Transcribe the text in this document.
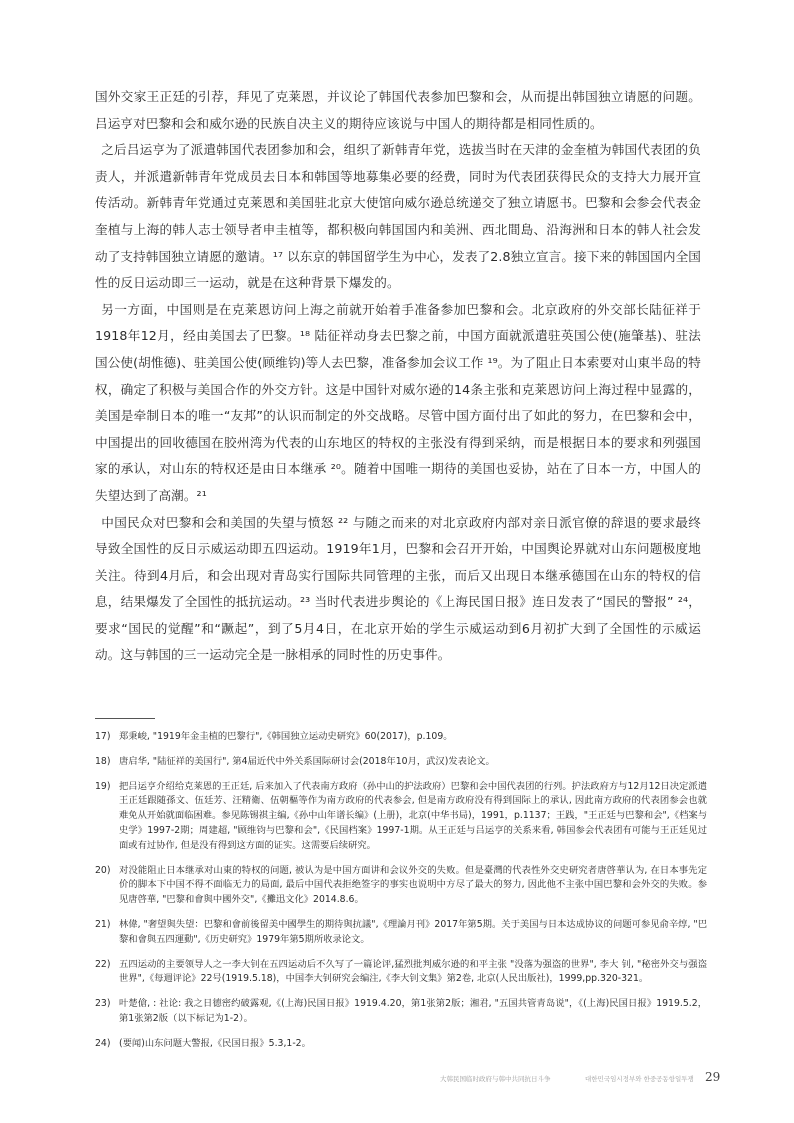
国外交家王正廷的引荐，拜见了克莱恩，并议论了韩国代表参加巴黎和会，从而提出韩国独立请愿的问题。吕运亨对巴黎和会和威尔逊的民族自决主义的期待应该说与中国人的期待都是相同性质的。

之后吕运亨为了派遣韩国代表团参加和会，组织了新韩青年党，选拔当时在天津的金奎植为韩国代表团的负责人，并派遣新韩青年党成员去日本和韩国等地募集必要的经费，同时为代表团获得民众的支持大力展开宣传活动。新韩青年党通过克莱恩和美国驻北京大使馆向威尔逊总统递交了独立请愿书。巴黎和会参会代表金奎植与上海的韩人志士领导者申圭植等，都积极向韩国国内和美洲、西北間島、沿海洲和日本的韩人社会发动了支持韩国独立请愿的邀请。¹⁷ 以东京的韩国留学生为中心，发表了2.8独立宣言。接下来的韩国国内全国性的反日运动即三一运动，就是在这种背景下爆发的。

另一方面，中国则是在克莱恩访问上海之前就开始着手准备参加巴黎和会。北京政府的外交部长陆征祥于1918年12月，经由美国去了巴黎。¹⁸ 陆征祥动身去巴黎之前，中国方面就派遣驻英国公使(施肇基)、驻法国公使(胡惟德)、驻美国公使(顾维钧)等人去巴黎，准备参加会议工作 ¹⁹。为了阻止日本索要对山東半岛的特权，确定了积极与美国合作的外交方针。这是中国针对威尔逊的14条主张和克莱恩访问上海过程中显露的，美国是牵制日本的唯一“友邦”的认识而制定的外交战略。尽管中国方面付出了如此的努力，在巴黎和会中，中国提出的回收德国在胶州湾为代表的山东地区的特权的主张没有得到采纳，而是根据日本的要求和列强国家的承认，对山东的特权还是由日本继承 ²⁰。随着中国唯一期待的美国也妥协，站在了日本一方，中国人的失望达到了高潮。²¹

中国民众对巴黎和会和美国的失望与愤怒 ²² 与随之而来的对北京政府内部对亲日派官僚的辞退的要求最终导致全国性的反日示威运动即五四运动。1919年1月，巴黎和会召开开始，中国舆论界就对山东问题极度地关注。待到4月后，和会出现对青岛实行国际共同管理的主张，而后又出现日本继承德国在山东的特权的信息，结果爆发了全国性的抵抗运动。²³ 当时代表进步舆论的《上海民国日报》连日发表了“国民的警报” ²⁴，要求“国民的觉醒”和“蹶起”，到了5月4日，在北京开始的学生示威运动到6月初扩大到了全国性的示威运动。这与韩国的三一运动完全是一脉相承的同时性的历史事件。

17) 郑秉峻, "1919年金圭植的巴黎行",《韩国独立运动史研究》60(2017)，p.109。
18) 唐启华, "陆征祥的美国行", 第4届近代中外关系国际研讨会(2018年10月，武汉)发表论文。
19) 把吕运亨介绍给克莱恩的王正廷, 后来加入了代表南方政府（孙中山的护法政府）巴黎和会中国代表团的行列。护法政府方与12月12日决定派遣王正廷跟随孫文、伍廷芳、汪精衛、伍朝樞等作为南方政府的代表参会, 但是南方政府没有得到国际上的承认, 因此南方政府的代表团参会也就难免从开始就面临困难。参见陈锡祺主编,《孙中山年谱长编》(上册)，北京(中华书局)，1991，p.1137；王践，"王正廷与巴黎和会",《档案与史学》1997-2期；周建超, "顾维钧与巴黎和会",《民国档案》1997-1期。从王正廷与吕运亨的关系来看, 韩国参会代表团有可能与王正廷见过面或有过协作, 但是没有得到这方面的证实。这需要后续研究。
20) 对没能阻止日本继承对山東的特权的问题, 被认为是中国方面讲和会议外交的失败。但是臺灣的代表性外交史研究者唐啓華认为, 在日本事先定价的脚本下中国不得不面临无力的局面, 最后中国代表拒绝签字的事实也说明中方尽了最大的努力, 因此他不主张中国巴黎和会外交的失败。参见唐啓華, "巴黎和會與中國外交",《攤迅文化》2014.8.6。
21) 林偉, "奢望與失望：巴黎和會前後留美中國學生的期待與抗議",《理論月刊》2017年第5期。关于美国与日本达成协议的问题可参见俞辛焞, "巴黎和會與五四運動",《历史研究》1979年第5期所收录论文。
22) 五四运动的主要领导人之一李大钊在五四运动后不久写了一篇论评,猛烈批判威尔逊的和平主张 "没落为强盗的世界", 李大 钊, "秘密外交与强盗世界",《每週评论》22号(1919.5.18)，中国李大钊研究会编注,《李大钊文集》第2卷, 北京(人民出版社)，1999,pp.320-321。
23) 叶楚傖, : 社论: 我之日德密约破露观,《(上海)民国日报》1919.4.20，第1张第2版；湘君, "五国共管青岛说"，《(上海)民国日报》1919.5.2，第1张第2版（以下标记为1-2）。
24) (要闻)山东问题大警报,《民国日报》5.3,1-2。
大韩民国临时政府与韩中共同抗日斗争	대한민국임시정부와 한중공동항일투쟁 29
